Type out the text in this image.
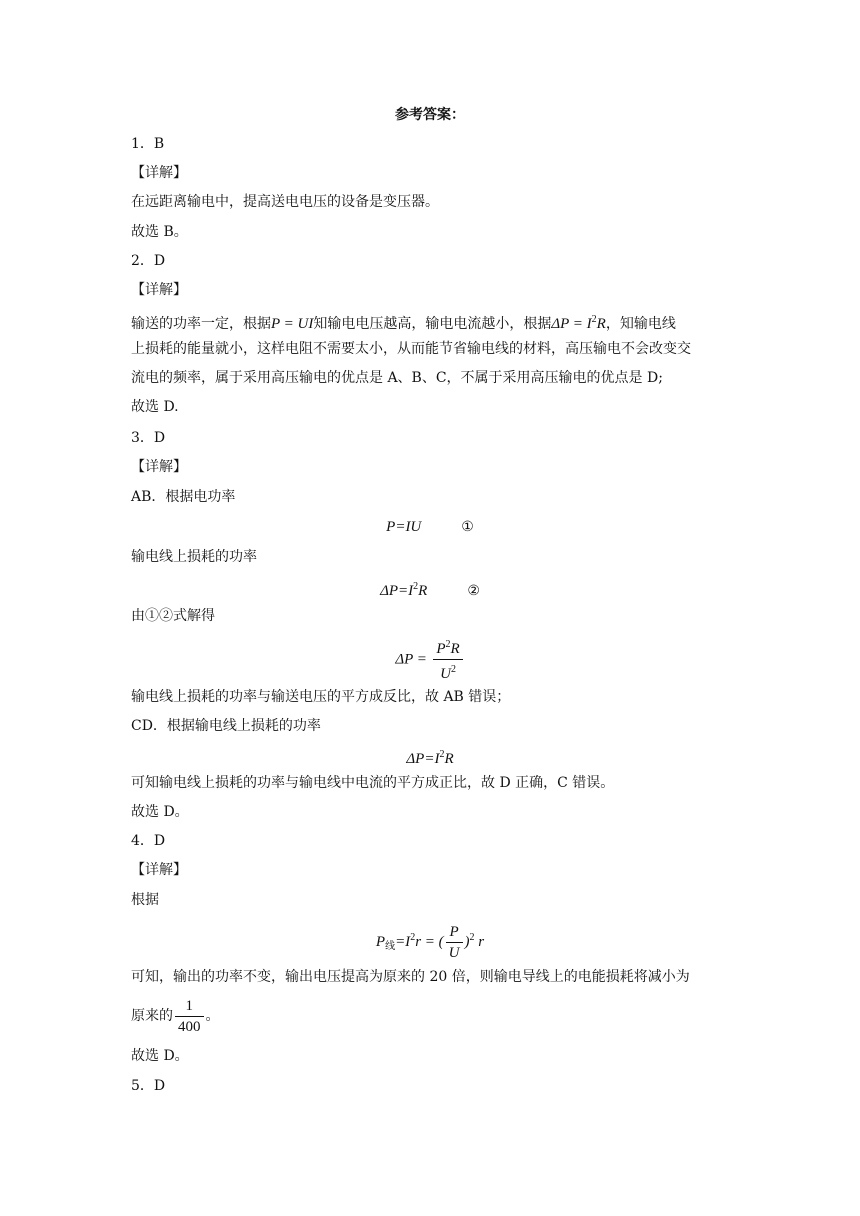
参考答案：
1．B
【详解】
在远距离输电中，提高送电电压的设备是变压器。
故选 B。
2．D
【详解】
输送的功率一定，根据P = UI知输电电压越高，输电电流越小，根据$\Delta P = I^2R$，知输电线
上损耗的能量就小，这样电阻不需要太小，从而能节省输电线的材料，高压输电不会改变交
流电的频率，属于采用高压输电的优点是 A、B、C，不属于采用高压输电的优点是 D;
故选 D.
3．D
【详解】
AB．根据电功率
P=IU	①
输电线上损耗的功率
$\Delta P=I^2R$	②
由①②式解得
$\Delta P = \frac{P^2R}{U^2}$
输电线上损耗的功率与输送电压的平方成反比，故 AB 错误；
CD．根据输电线上损耗的功率
$\Delta P=I^2R$
可知输电线上损耗的功率与输电线中电流的平方成正比，故 D 正确，C 错误。
故选 D。
4．D
【详解】
根据
$P_线=I^2r$ = ( $\frac{P}{U} )^2$ r
可知，输出的功率不变，输出电压提高为原来的 20 倍，则输电导线上的电能损耗将减小为
原来的 $\frac{1}{400}$ 。
故选 D。
5．D
